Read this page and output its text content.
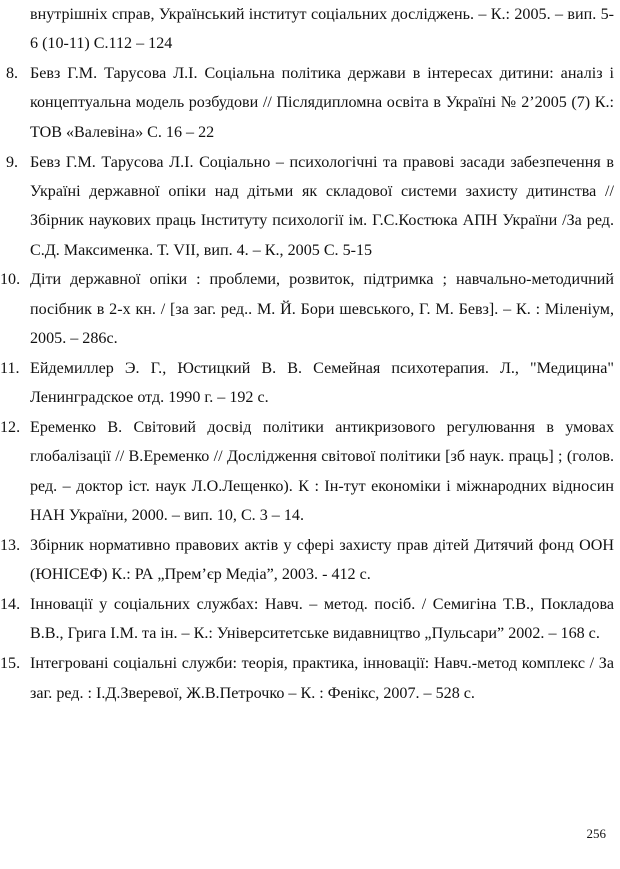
внутрішніх справ, Український інститут соціальних досліджень. – К.: 2005. – вип. 5-6 (10-11) С.112 – 124
8. Бевз Г.М. Тарусова Л.І. Соціальна політика держави в інтересах дитини: аналіз і концептуальна модель розбудови // Післядипломна освіта в Україні № 2’2005 (7) К.: ТОВ «Валевіна» С. 16 – 22
9. Бевз Г.М. Тарусова Л.І. Соціально – психологічні та правові засади забезпечення в Україні державної опіки над дітьми як складової системи захисту дитинства // Збірник наукових праць Інституту психології ім. Г.С.Костюка АПН України /За ред. С.Д. Максименка. Т. VII, вип. 4. – К., 2005 С. 5-15
10. Діти державної опіки : проблеми, розвиток, підтримка ; навчально-методичний посібник в 2-х кн. / [за заг. ред.. М. Й. Бори шевського, Г. М. Бевз]. – К. : Міленіум, 2005. – 286с.
11. Ейдемиллер Э. Г., Юстицкий В. В. Семейная психотерапия. Л., "Медицина" Ленинградское отд. 1990 г. – 192 с.
12. Еременко В. Світовий досвід політики антикризового регулювання в умовах глобалізації // В.Еременко // Дослідження світової політики [зб наук. праць] ; (голов. ред. – доктор іст. наук Л.О.Лещенко). К : Ін-тут економіки і міжнародних відносин НАН України, 2000. – вип. 10, С. 3 – 14.
13. Збірник нормативно правових актів у сфері захисту прав дітей Дитячий фонд ООН (ЮНІСЕФ) К.: РА „Прем’єр Медіа”, 2003. - 412 с.
14. Інновації у соціальних службах: Навч. – метод. посіб. / Семигіна Т.В., Покладова В.В., Грига І.М. та ін. – К.: Університетське видавництво „Пульсари” 2002. – 168 с.
15. Інтегровані соціальні служби: теорія, практика, інновації: Навч.-метод комплекс / За заг. ред. : І.Д.Зверевої, Ж.В.Петрочко – К. : Фенікс, 2007. – 528 с.
256
